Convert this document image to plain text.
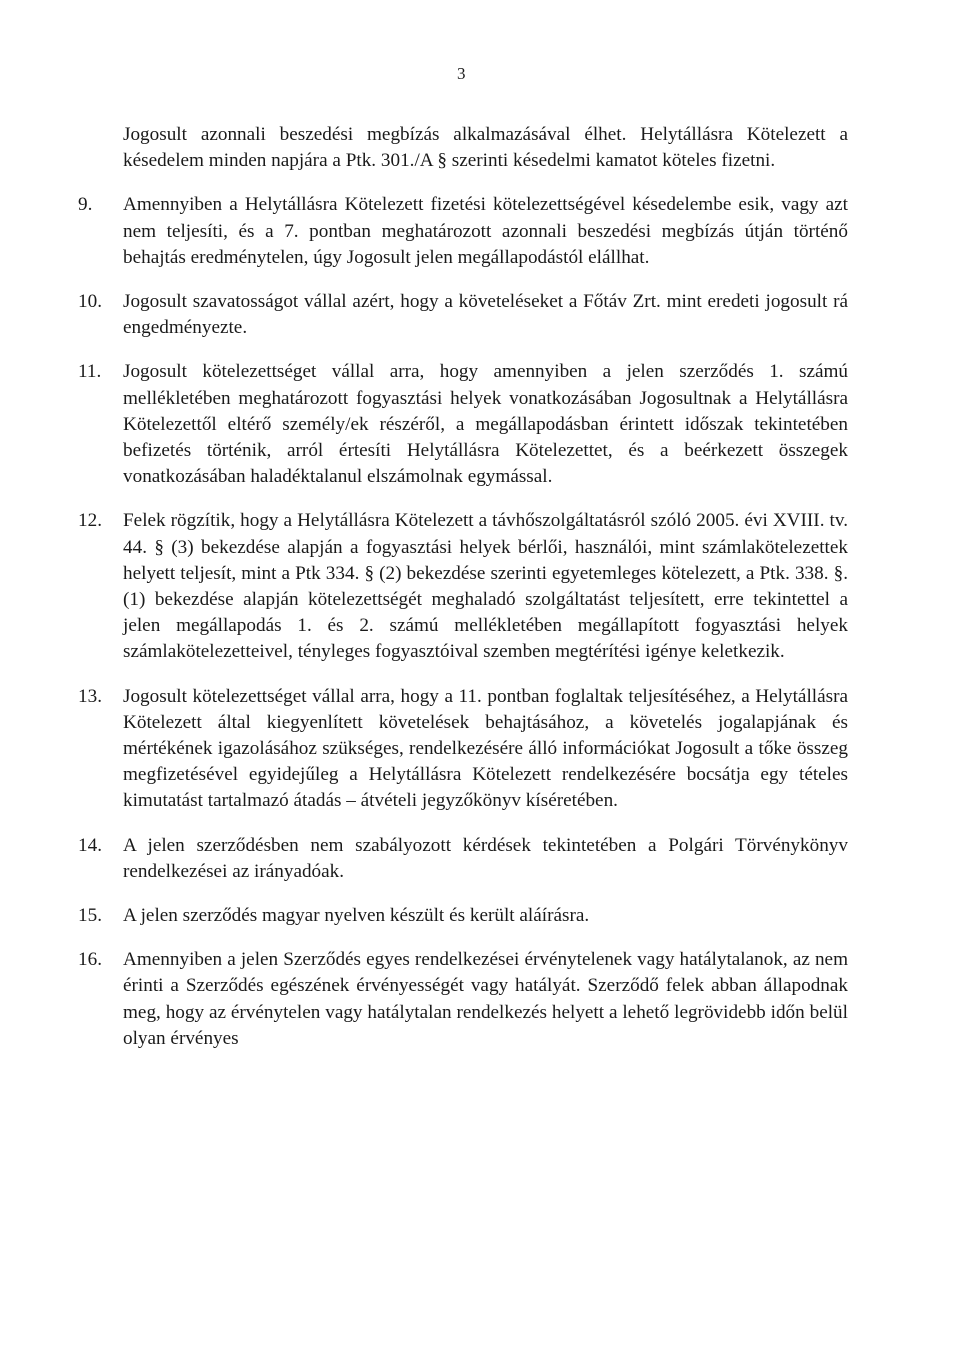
3
Jogosult azonnali beszedési megbízás alkalmazásával élhet. Helytállásra Kötelezett a késedelem minden napjára a Ptk. 301./A § szerinti késedelmi kamatot köteles fizetni.
9.	Amennyiben a Helytállásra Kötelezett fizetési kötelezettségével késedelembe esik, vagy azt nem teljesíti, és a 7. pontban meghatározott azonnali beszedési megbízás útján történő behajtás eredménytelen, úgy Jogosult jelen megállapodástól elállhat.
10.	Jogosult szavatosságot vállal azért, hogy a követeléseket a Főtáv Zrt. mint eredeti jogosult rá engedményezte.
11.	Jogosult kötelezettséget vállal arra, hogy amennyiben a jelen szerződés 1. számú mellékletében meghatározott fogyasztási helyek vonatkozásában Jogosultnak a Helytállásra Kötelezettől eltérő személy/ek részéről, a megállapodásban érintett időszak tekintetében befizetés történik, arról értesíti Helytállásra Kötelezettet, és a beérkezett összegek vonatkozásában haladéktalanul elszámolnak egymással.
12.	Felek rögzítik, hogy a Helytállásra Kötelezett a távhőszolgáltatásról szóló 2005. évi XVIII. tv. 44. § (3) bekezdése alapján a fogyasztási helyek bérlői, használói, mint számlakötelezettek helyett teljesít, mint a Ptk 334. § (2) bekezdése szerinti egyetemleges kötelezett, a Ptk. 338. §. (1) bekezdése alapján kötelezettségét meghaladó szolgáltatást teljesített, erre tekintettel a jelen megállapodás 1. és 2. számú mellékletében megállapított fogyasztási helyek számlakötelezetteivel, tényleges fogyasztóival szemben megtérítési igénye keletkezik.
13.	Jogosult kötelezettséget vállal arra, hogy a 11. pontban foglaltak teljesítéséhez, a Helytállásra Kötelezett által kiegyenlített követelések behajtásához, a követelés jogalapjának és mértékének igazolásához szükséges, rendelkezésére álló információkat Jogosult a tőke összeg megfizetésével egyidejűleg a Helytállásra Kötelezett rendelkezésére bocsátja egy tételes kimutatást tartalmazó átadás – átvételi jegyzőkönyv kíséretében.
14.	A jelen szerződésben nem szabályozott kérdések tekintetében a Polgári Törvénykönyv rendelkezései az irányadóak.
15.	A jelen szerződés magyar nyelven készült és került aláírásra.
16.	Amennyiben a jelen Szerződés egyes rendelkezései érvénytelenek vagy hatálytalanok, az nem érinti a Szerződés egészének érvényességét vagy hatályát. Szerződő felek abban állapodnak meg, hogy az érvénytelen vagy hatálytalan rendelkezés helyett a lehető legrövidebb időn belül olyan érvényes
